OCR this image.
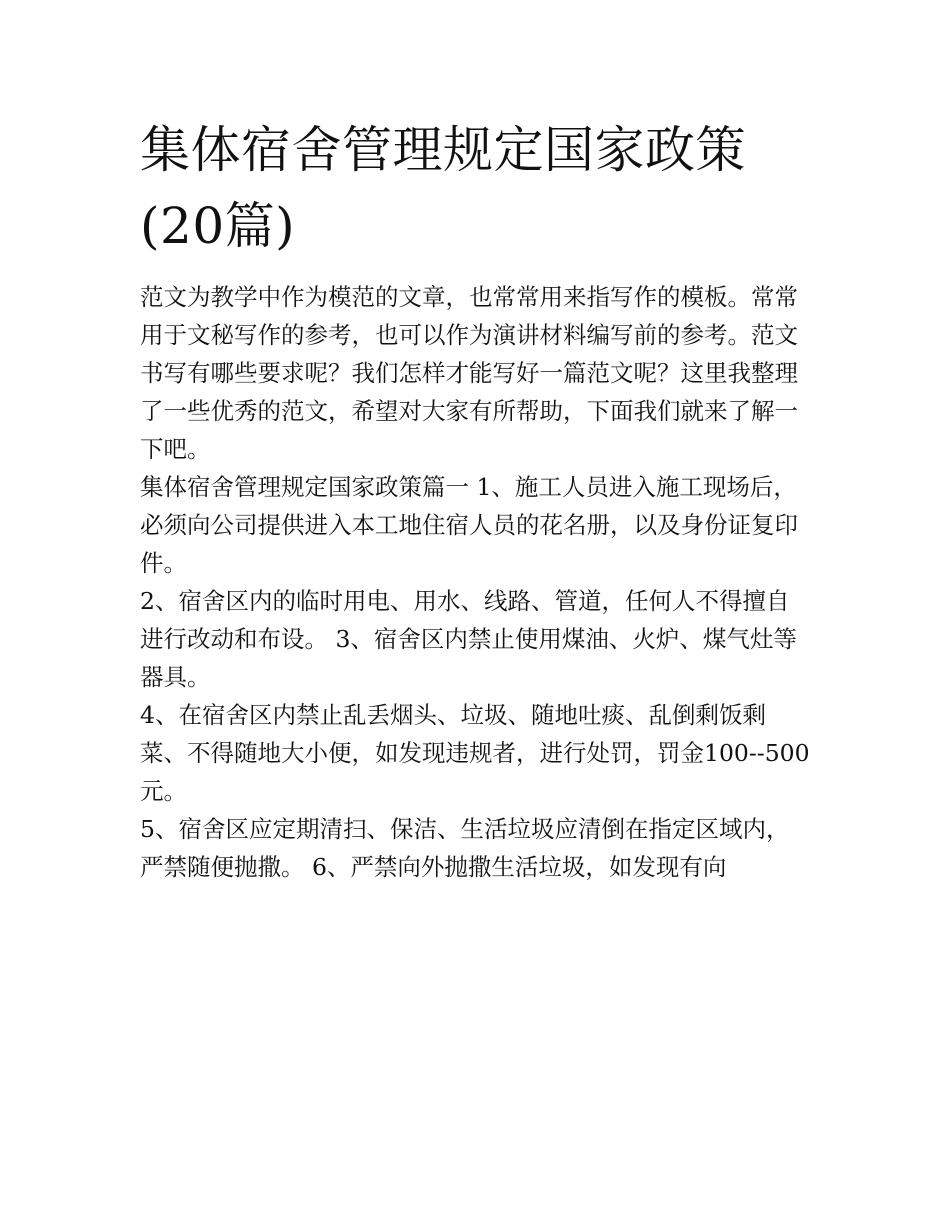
集体宿舍管理规定国家政策(20篇)

范文为教学中作为模范的文章，也常常用来指写作的模板。常常用于文秘写作的参考，也可以作为演讲材料编写前的参考。范文书写有哪些要求呢？我们怎样才能写好一篇范文呢？这里我整理了一些优秀的范文，希望对大家有所帮助，下面我们就来了解一下吧。

集体宿舍管理规定国家政策篇一 1、施工人员进入施工现场后，必须向公司提供进入本工地住宿人员的花名册，以及身份证复印件。

2、宿舍区内的临时用电、用水、线路、管道，任何人不得擅自进行改动和布设。 3、宿舍区内禁止使用煤油、火炉、煤气灶等器具。

4、在宿舍区内禁止乱丢烟头、垃圾、随地吐痰、乱倒剩饭剩菜、不得随地大小便，如发现违规者，进行处罚，罚金100--500元。

5、宿舍区应定期清扫、保洁、生活垃圾应清倒在指定区域内，严禁随便抛撒。 6、严禁向外抛撒生活垃圾，如发现有向
